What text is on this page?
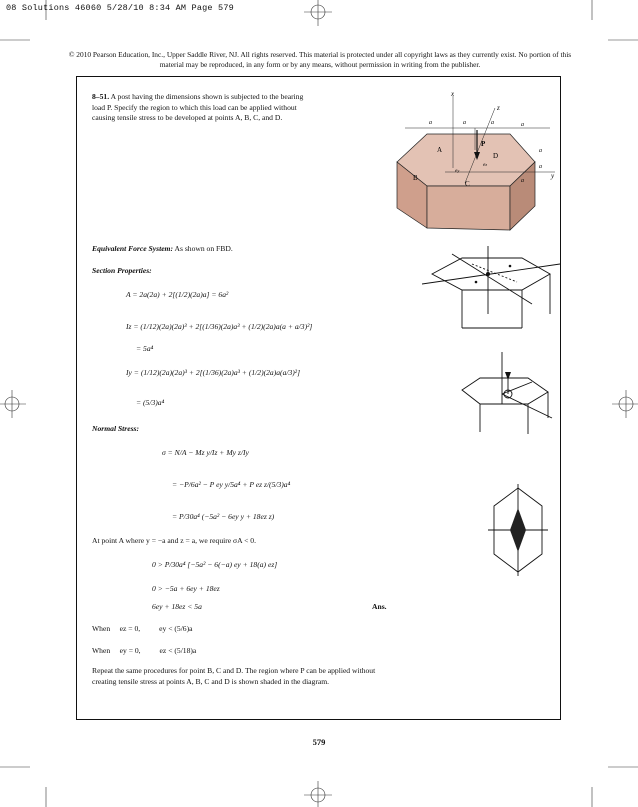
08 Solutions 46060 5/28/10 8:34 AM Page 579
© 2010 Pearson Education, Inc., Upper Saddle River, NJ. All rights reserved. This material is protected under all copyright laws as they currently exist. No portion of this material may be reproduced, in any form or by any means, without permission in writing from the publisher.
8–51. A post having the dimensions shown is subjected to the bearing load P. Specify the region to which this load can be applied without causing tensile stress to be developed at points A, B, C, and D.
x
z
y
P
A
B
C
D
a	a	a	a
a
a
a
ez
ey
Equivalent Force System: As shown on FBD.
Section Properties:
A = 2a(2a) + 2[(1/2)(2a)a] = 6a²
Iz = (1/12)(2a)(2a)³ + 2[(1/36)(2a)a³ + (1/2)(2a)a(a + a/3)²]
= 5a⁴
Iy = (1/12)(2a)(2a)³ + 2[(1/36)(2a)a³ + (1/2)(2a)a(a/3)²]
= (5/3)a⁴
Normal Stress:
σ = N/A − Mz y/Iz + My z/Iy
= −P/6a² − P ey y/5a⁴ + P ez z/(5/3)a⁴
= P/30a⁴ (−5a² − 6ey y + 18ez z)
At point A where y = −a and z = a, we require σA < 0.
0 > P/30a⁴ [−5a² − 6(−a) ey + 18(a) ez]
0 > −5a + 6ey + 18ez
6ey + 18ez < 5a	Ans.
When     ez = 0,          ey < (5/6)a
When     ey = 0,          ez < (5/18)a
Repeat the same procedures for point B, C and D. The region where P can be applied without creating tensile stress at points A, B, C and D is shown shaded in the diagram.
579
